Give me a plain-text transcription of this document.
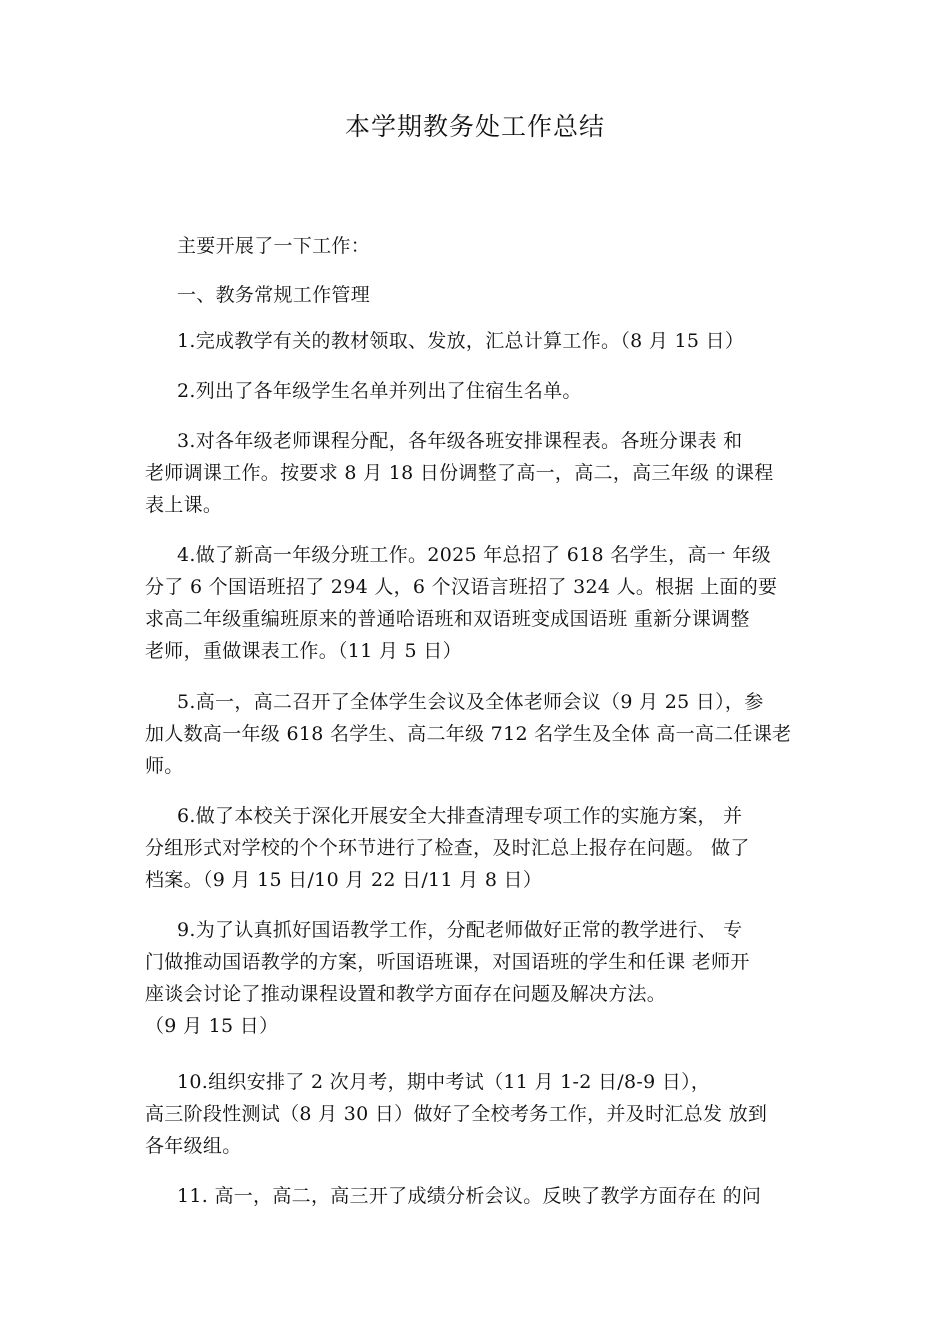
本学期教务处工作总结

主要开展了一下工作：

一、教务常规工作管理

1.完成教学有关的教材领取、发放，汇总计算工作。（8 月 15 日）

2.列出了各年级学生名单并列出了住宿生名单。

3.对各年级老师课程分配，各年级各班安排课程表。各班分课表 和

老师调课工作。按要求 8 月 18 日份调整了高一，高二，高三年级 的课程

表上课。

4.做了新高一年级分班工作。2025 年总招了 618 名学生，高一 年级

分了 6 个国语班招了 294 人，6 个汉语言班招了 324 人。根据 上面的要

求高二年级重编班原来的普通哈语班和双语班变成国语班 重新分课调整

老师，重做课表工作。（11 月 5 日）

5.高一，高二召开了全体学生会议及全体老师会议（9 月 25 日），参

加人数高一年级 618 名学生、高二年级 712 名学生及全体 高一高二任课老

师。

6.做了本校关于深化开展安全大排查清理专项工作的实施方案， 并

分组形式对学校的个个环节进行了检查，及时汇总上报存在问题。 做了

档案。（9 月 15 日/10 月 22 日/11 月 8 日）

9.为了认真抓好国语教学工作，分配老师做好正常的教学进行、 专

门做推动国语教学的方案，听国语班课，对国语班的学生和任课 老师开

座谈会讨论了推动课程设置和教学方面存在问题及解决方法。

（9 月 15 日）

10.组织安排了 2 次月考，期中考试（11 月 1-2 日/8-9 日），

高三阶段性测试（8 月 30 日）做好了全校考务工作，并及时汇总发 放到

各年级组。

11. 高一，高二，高三开了成绩分析会议。反映了教学方面存在 的问
